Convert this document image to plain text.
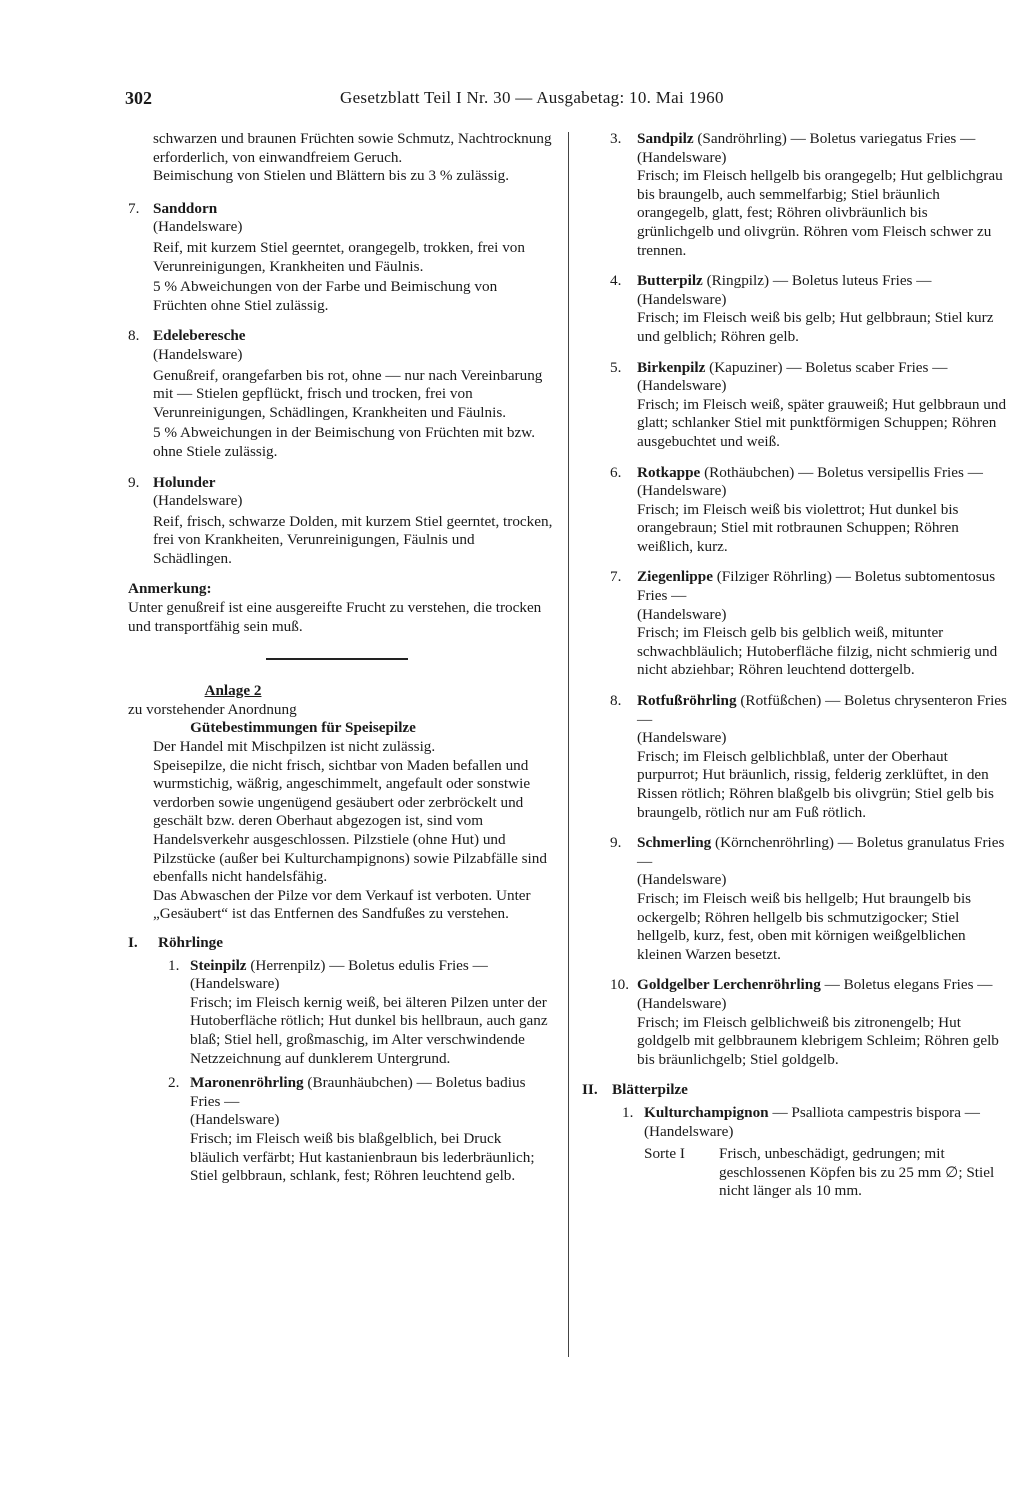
302	Gesetzblatt Teil I Nr. 30 — Ausgabetag: 10. Mai 1960

schwarzen und braunen Früchten sowie Schmutz, Nachtrocknung erforderlich, von einwandfreiem Geruch.

Beimischung von Stielen und Blättern bis zu 3 % zulässig.

7. Sanddorn

(Handelsware)

Reif, mit kurzem Stiel geerntet, orangegelb, trokken, frei von Verunreinigungen, Krankheiten und Fäulnis.

5 % Abweichungen von der Farbe und Beimischung von Früchten ohne Stiel zulässig.

8. Edeleberesche

(Handelsware)

Genußreif, orangefarben bis rot, ohne — nur nach Vereinbarung mit — Stielen gepflückt, frisch und trocken, frei von Verunreinigungen, Schädlingen, Krankheiten und Fäulnis.

5 % Abweichungen in der Beimischung von Früchten mit bzw. ohne Stiele zulässig.

9. Holunder

(Handelsware)

Reif, frisch, schwarze Dolden, mit kurzem Stiel geerntet, trocken, frei von Krankheiten, Verunreinigungen, Fäulnis und Schädlingen.

Anmerkung:

Unter genußreif ist eine ausgereifte Frucht zu verstehen, die trocken und transportfähig sein muß.

Anlage 2

zu vorstehender Anordnung

Gütebestimmungen für Speisepilze

Der Handel mit Mischpilzen ist nicht zulässig.

Speisepilze, die nicht frisch, sichtbar von Maden befallen und wurmstichig, wäßrig, angeschimmelt, angefault oder sonstwie verdorben sowie ungenügend gesäubert oder zerbröckelt und geschält bzw. deren Oberhaut abgezogen ist, sind vom Handelsverkehr ausgeschlossen. Pilzstiele (ohne Hut) und Pilzstücke (außer bei Kulturchampignons) sowie Pilzabfälle sind ebenfalls nicht handelsfähig.

Das Abwaschen der Pilze vor dem Verkauf ist verboten. Unter „Gesäubert“ ist das Entfernen des Sandfußes zu verstehen.

I. Röhrlinge

1. Steinpilz (Herrenpilz) — Boletus edulis Fries —

(Handelsware)

Frisch; im Fleisch kernig weiß, bei älteren Pilzen unter der Hutoberfläche rötlich; Hut dunkel bis hellbraun, auch ganz blaß; Stiel hell, großmaschig, im Alter verschwindende Netzzeichnung auf dunklerem Untergrund.

2. Maronenröhrling (Braunhäubchen) — Boletus badius Fries —

(Handelsware)

Frisch; im Fleisch weiß bis blaßgelblich, bei Druck bläulich verfärbt; Hut kastanienbraun bis lederbräunlich; Stiel gelbbraun, schlank, fest; Röhren leuchtend gelb.

3. Sandpilz (Sandröhrling) — Boletus variegatus Fries —

(Handelsware)

Frisch; im Fleisch hellgelb bis orangegelb; Hut gelblichgrau bis braungelb, auch semmelfarbig; Stiel bräunlich orangegelb, glatt, fest; Röhren olivbräunlich bis grünlichgelb und olivgrün. Röhren vom Fleisch schwer zu trennen.

4. Butterpilz (Ringpilz) — Boletus luteus Fries —

(Handelsware)

Frisch; im Fleisch weiß bis gelb; Hut gelbbraun; Stiel kurz und gelblich; Röhren gelb.

5. Birkenpilz (Kapuziner) — Boletus scaber Fries —

(Handelsware)

Frisch; im Fleisch weiß, später grauweiß; Hut gelbbraun und glatt; schlanker Stiel mit punktförmigen Schuppen; Röhren ausgebuchtet und weiß.

6. Rotkappe (Rothäubchen) — Boletus versipellis Fries —

(Handelsware)

Frisch; im Fleisch weiß bis violettrot; Hut dunkel bis orangebraun; Stiel mit rotbraunen Schuppen; Röhren weißlich, kurz.

7. Ziegenlippe (Filziger Röhrling) — Boletus subtomentosus Fries —

(Handelsware)

Frisch; im Fleisch gelb bis gelblich weiß, mitunter schwachbläulich; Hutoberfläche filzig, nicht schmierig und nicht abziehbar; Röhren leuchtend dottergelb.

8. Rotfußröhrling (Rotfüßchen) — Boletus chrysenteron Fries —

(Handelsware)

Frisch; im Fleisch gelblichblaß, unter der Oberhaut purpurrot; Hut bräunlich, rissig, felderig zerklüftet, in den Rissen rötlich; Röhren blaßgelb bis olivgrün; Stiel gelb bis braungelb, rötlich nur am Fuß rötlich.

9. Schmerling (Körnchenröhrling) — Boletus granulatus Fries —

(Handelsware)

Frisch; im Fleisch weiß bis hellgelb; Hut braungelb bis ockergelb; Röhren hellgelb bis schmutzigocker; Stiel hellgelb, kurz, fest, oben mit körnigen weißgelblichen kleinen Warzen besetzt.

10. Goldgelber Lerchenröhrling — Boletus elegans Fries —

(Handelsware)

Frisch; im Fleisch gelblichweiß bis zitronengelb; Hut goldgelb mit gelbbraunem klebrigem Schleim; Röhren gelb bis bräunlichgelb; Stiel goldgelb.

II. Blätterpilze

1. Kulturchampignon — Psalliota campestris bispora —

(Handelsware)

Sorte I	Frisch, unbeschädigt, gedrungen; mit geschlossenen Köpfen bis zu 25 mm ∅; Stiel nicht länger als 10 mm.
